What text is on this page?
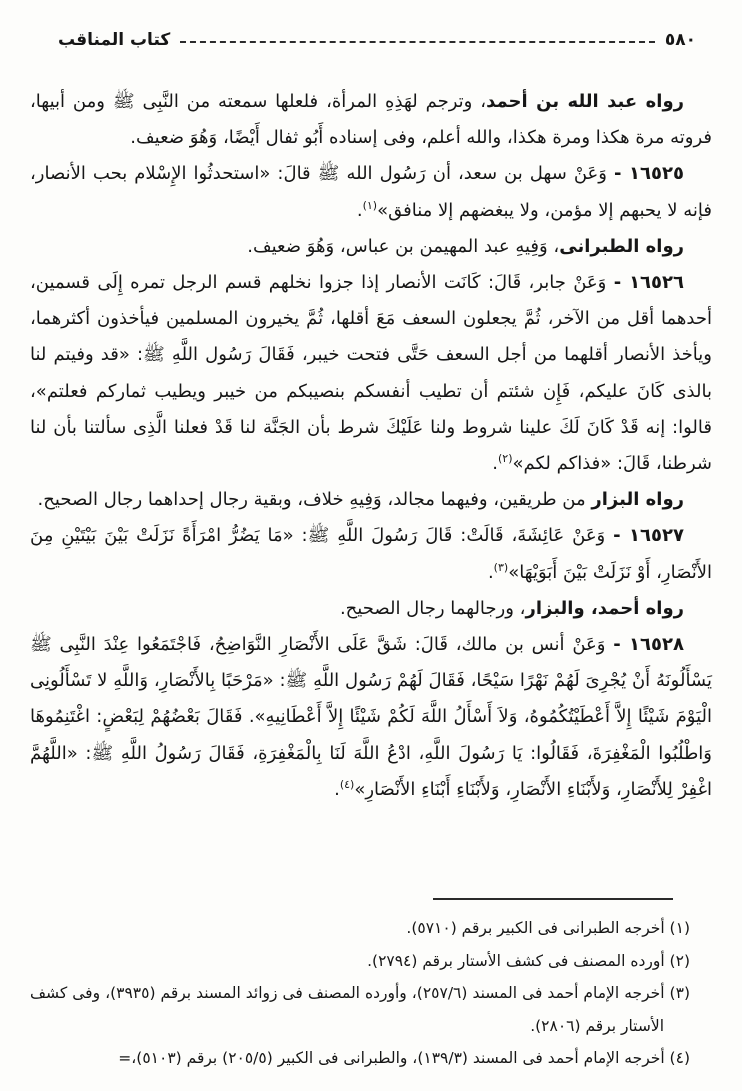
٥٨٠
كتاب المناقب

رواه عبد الله بن أحمد، وترجم لهَذِهِ المرأة، فلعلها سمعته من النَّبِى ﷺ ومن أبيها، فروته مرة هكذا ومرة هكذا، والله أعلم، وفى إسناده أَبُو ثفال أَيْضًا، وَهُوَ ضعيف.

١٦٥٢٥ - وَعَنْ سهل بن سعد، أن رَسُول الله ﷺ قالَ: «استحدثُوا الإِسْلام بحب الأنصار، فإنه لا يحبهم إلا مؤمن، ولا يبغضهم إلا منافق»$^{(١)}$.

رواه الطبرانى، وَفِيهِ عبد المهيمن بن عباس، وَهُوَ ضعيف.

١٦٥٢٦ - وَعَنْ جابر، قَالَ: كَانَت الأنصار إذا جزوا نخلهم قسم الرجل تمره إِلَى قسمين، أحدهما أقل من الآخر، ثُمَّ يجعلون السعف مَعَ أقلها، ثُمَّ يخيرون المسلمين فيأخذون أكثرهما، ويأخذ الأنصار أقلهما من أجل السعف حَتَّى فتحت خيبر، فَقَالَ رَسُول اللَّهِ ﷺ: «قد وفيتم لنا بالذى كَانَ عليكم، فَإِن شئتم أن تطيب أنفسكم بنصيبكم من خيبر ويطيب ثماركم فعلتم»، قالوا: إنه قَدْ كَانَ لَكَ علينا شروط ولنا عَلَيْكَ شرط بأن الجَنَّة لنا قَدْ فعلنا الَّذِى سألتنا بأن لنا شرطنا، قَالَ: «فذاكم لكم»$^{(٢)}$.

رواه البزار من طريقين، وفيهما مجالد، وَفِيهِ خلاف، وبقية رجال إحداهما رجال الصحيح.

١٦٥٢٧ - وَعَنْ عَائِشَةَ، قَالَتْ: قَالَ رَسُولَ اللَّهِ ﷺ: «مَا يَضُرُّ امْرَأَةً نَزَلَتْ بَيْنَ بَيْتَيْنِ مِنَ الأَنْصَارِ، أَوْ نَزَلَتْ بَيْنَ أَبَوَيْهَا»$^{(٣)}$.

رواه أحمد، والبزار، ورجالهما رجال الصحيح.

١٦٥٢٨ - وَعَنْ أنس بن مالك، قَالَ: شَقَّ عَلَى الأَنْصَارِ النَّوَاضِحُ، فَاجْتَمَعُوا عِنْدَ النَّبِى ﷺ يَسْأَلُونَهُ أَنْ يُجْرِىَ لَهُمْ نَهْرًا سَيْحًا، فَقَالَ لَهُمْ رَسُول اللَّهِ ﷺ: «مَرْحَبًا بِالأَنْصَارِ، وَاللَّهِ لا تَسْأَلُونِى الْيَوْمَ شَيْئًا إِلاَّ أَعْطَيْتُكُمُوهُ، وَلاَ أَسْأَلُ اللَّهَ لَكُمْ شَيْئًا إِلاَّ أَعْطَانِيهِ». فَقَالَ بَعْضُهُمْ لِبَعْضٍ: اغْتَنِمُوهَا وَاطْلُبُوا الْمَغْفِرَةَ، فَقَالُوا: يَا رَسُولَ اللَّهِ، ادْعُ اللَّهَ لَنَا بِالْمَغْفِرَةِ، فَقَالَ رَسُولُ اللَّهِ ﷺ: «اللَّهُمَّ اغْفِرْ لِلأَنْصَارِ، وَلأَبْنَاءِ الأَنْصَارِ، وَلأَبْنَاءِ أَبْنَاءِ الأَنْصَارِ»$^{(٤)}$.

(١) أخرجه الطبرانى فى الكبير برقم (٥٧١٠).

(٢) أورده المصنف فى كشف الأستار برقم (٢٧٩٤).

(٣) أخرجه الإمام أحمد فى المسند (٢٥٧/٦)، وأورده المصنف فى زوائد المسند برقم (٣٩٣٥)، وفى كشف الأستار برقم (٢٨٠٦).

(٤) أخرجه الإمام أحمد فى المسند (١٣٩/٣)، والطبرانى فى الكبير (٢٠٥/٥) برقم (٥١٠٣)،=
